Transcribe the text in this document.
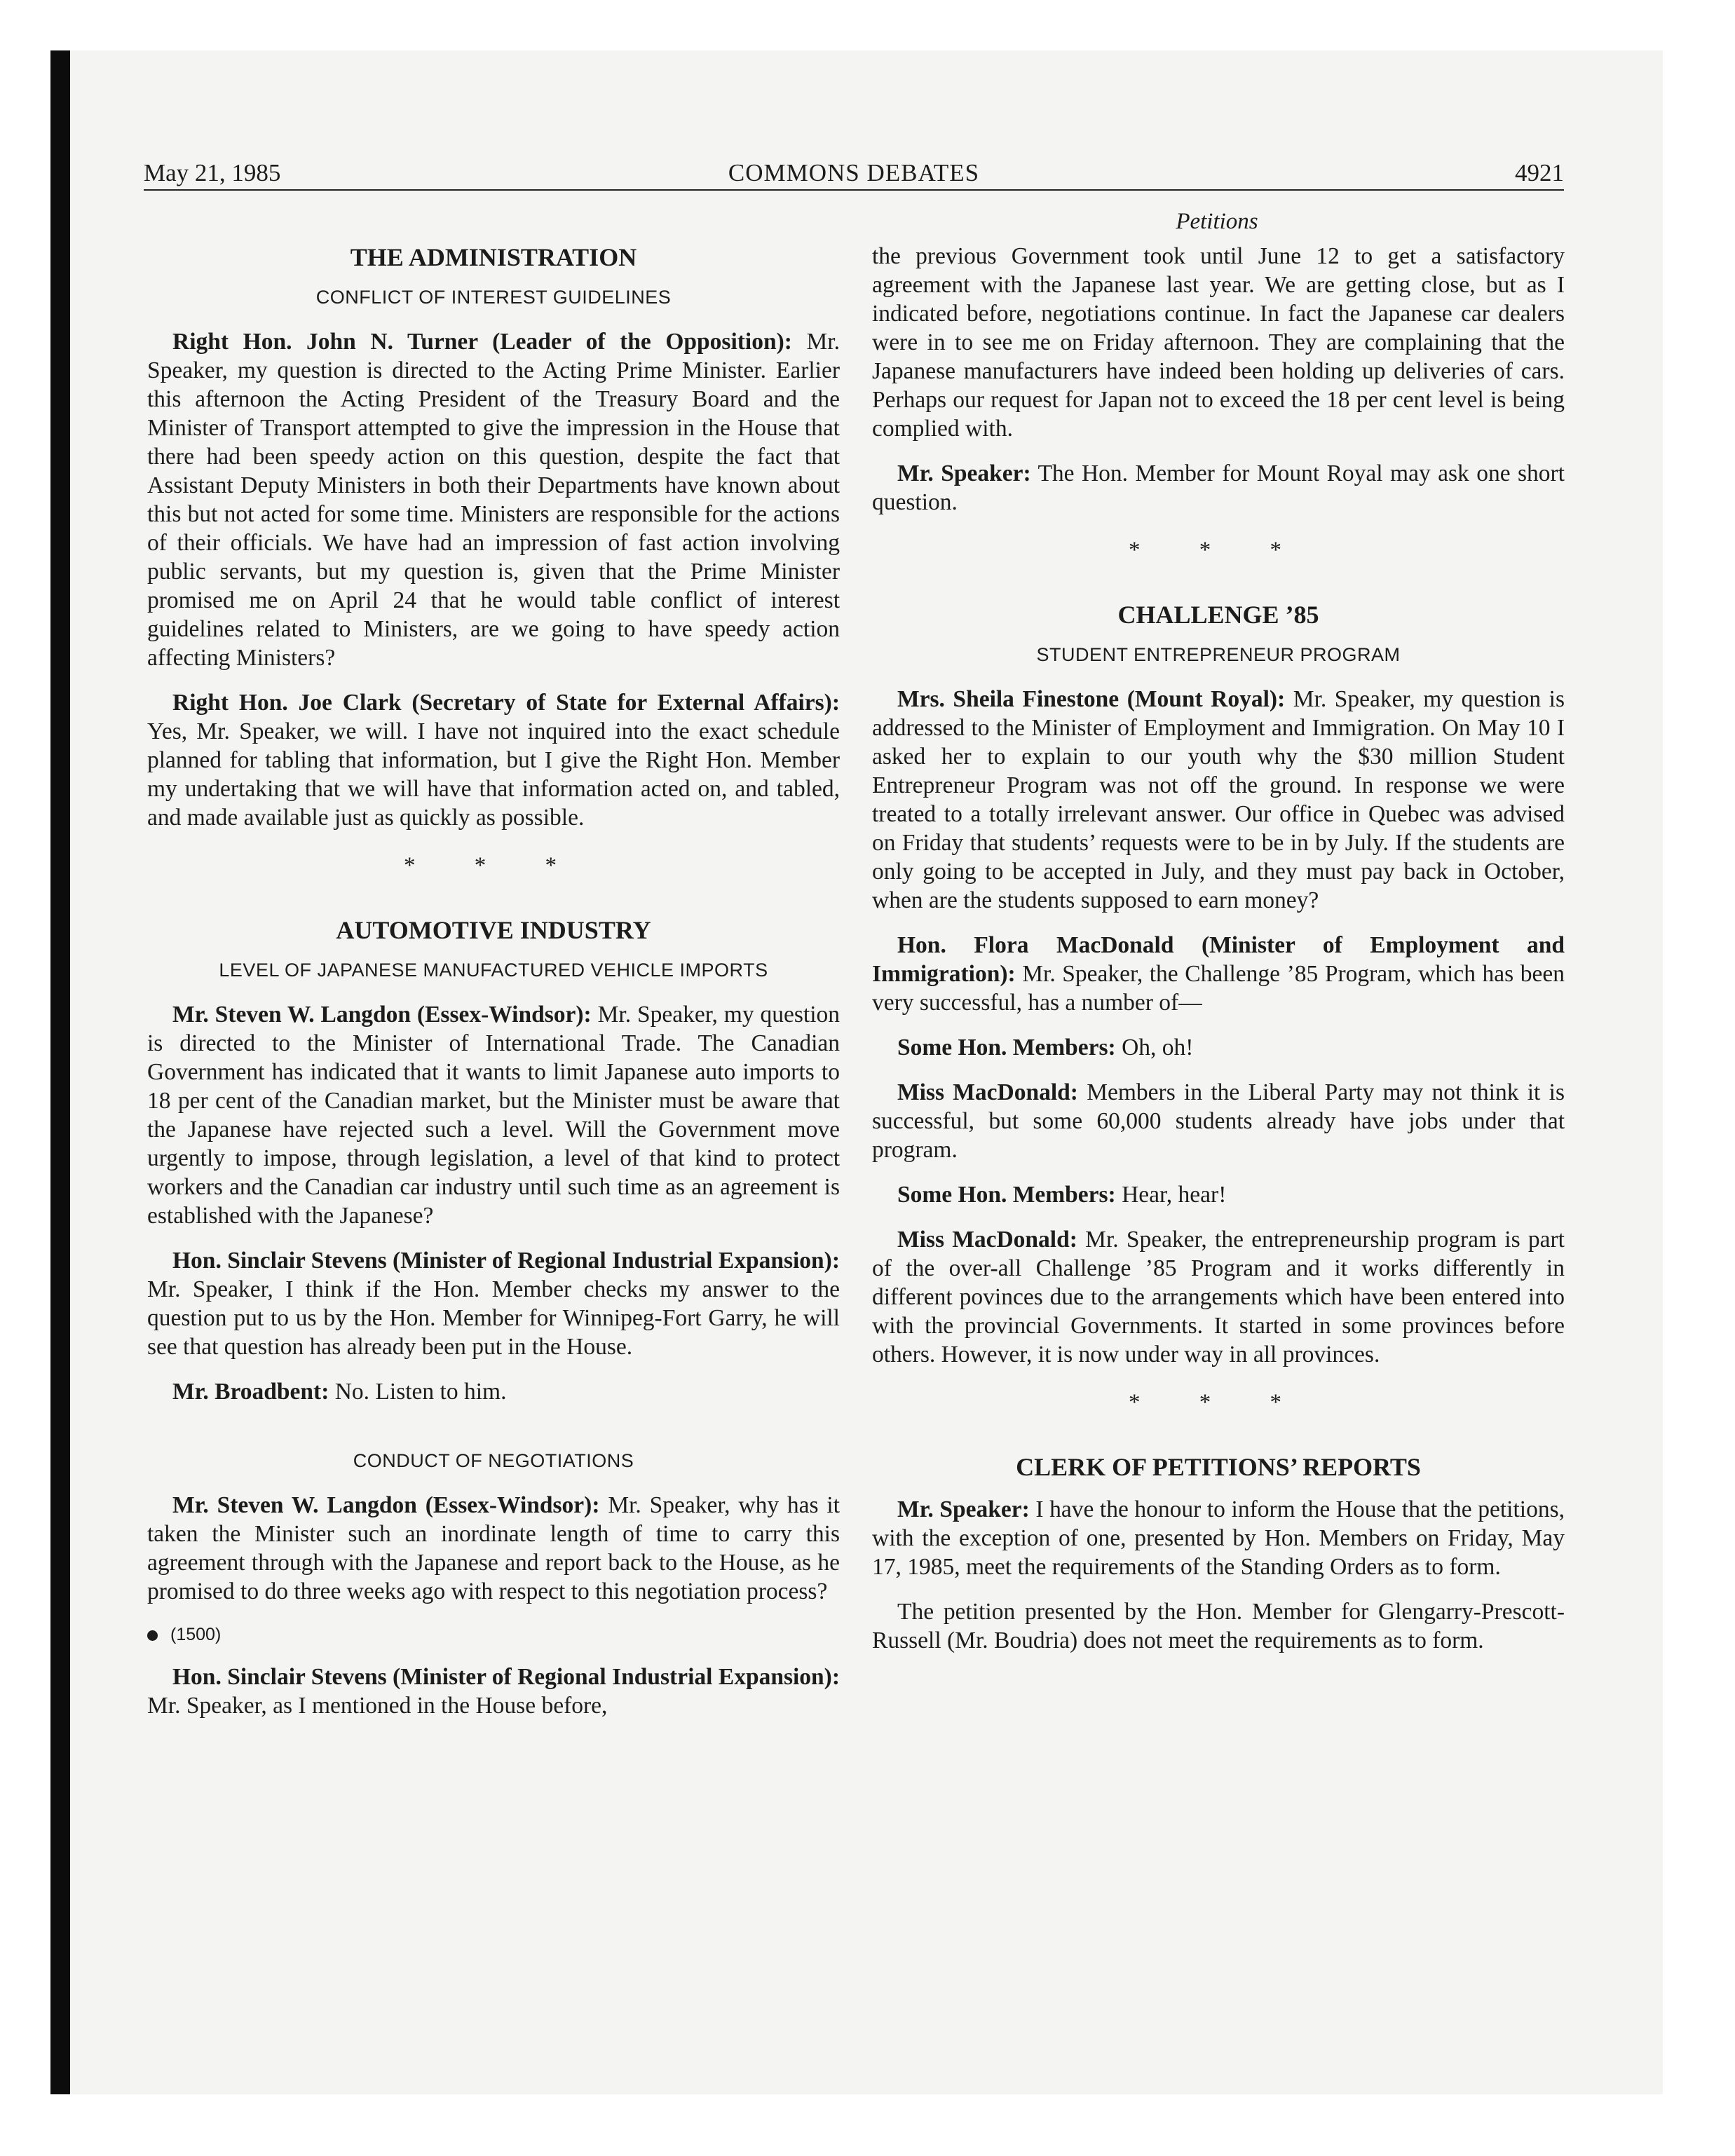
May 21, 1985	COMMONS DEBATES	4921
Petitions
THE ADMINISTRATION
CONFLICT OF INTEREST GUIDELINES

Right Hon. John N. Turner (Leader of the Opposition): Mr. Speaker, my question is directed to the Acting Prime Minister. Earlier this afternoon the Acting President of the Treasury Board and the Minister of Transport attempted to give the impression in the House that there had been speedy action on this question, despite the fact that Assistant Deputy Ministers in both their Departments have known about this but not acted for some time. Ministers are responsible for the actions of their officials. We have had an impression of fast action involving public servants, but my question is, given that the Prime Minister promised me on April 24 that he would table conflict of interest guidelines related to Ministers, are we going to have speedy action affecting Ministers?

Right Hon. Joe Clark (Secretary of State for External Affairs): Yes, Mr. Speaker, we will. I have not inquired into the exact schedule planned for tabling that information, but I give the Right Hon. Member my undertaking that we will have that information acted on, and tabled, and made available just as quickly as possible.

* * *
AUTOMOTIVE INDUSTRY
LEVEL OF JAPANESE MANUFACTURED VEHICLE IMPORTS

Mr. Steven W. Langdon (Essex-Windsor): Mr. Speaker, my question is directed to the Minister of International Trade. The Canadian Government has indicated that it wants to limit Japanese auto imports to 18 per cent of the Canadian market, but the Minister must be aware that the Japanese have rejected such a level. Will the Government move urgently to impose, through legislation, a level of that kind to protect workers and the Canadian car industry until such time as an agreement is established with the Japanese?

Hon. Sinclair Stevens (Minister of Regional Industrial Expansion): Mr. Speaker, I think if the Hon. Member checks my answer to the question put to us by the Hon. Member for Winnipeg-Fort Garry, he will see that question has already been put in the House.

Mr. Broadbent: No. Listen to him.

CONDUCT OF NEGOTIATIONS

Mr. Steven W. Langdon (Essex-Windsor): Mr. Speaker, why has it taken the Minister such an inordinate length of time to carry this agreement through with the Japanese and report back to the House, as he promised to do three weeks ago with respect to this negotiation process?

(1500)

Hon. Sinclair Stevens (Minister of Regional Industrial Expansion): Mr. Speaker, as I mentioned in the House before,

the previous Government took until June 12 to get a satisfactory agreement with the Japanese last year. We are getting close, but as I indicated before, negotiations continue. In fact the Japanese car dealers were in to see me on Friday afternoon. They are complaining that the Japanese manufacturers have indeed been holding up deliveries of cars. Perhaps our request for Japan not to exceed the 18 per cent level is being complied with.

Mr. Speaker: The Hon. Member for Mount Royal may ask one short question.

* * *
CHALLENGE ’85
STUDENT ENTREPRENEUR PROGRAM

Mrs. Sheila Finestone (Mount Royal): Mr. Speaker, my question is addressed to the Minister of Employment and Immigration. On May 10 I asked her to explain to our youth why the $30 million Student Entrepreneur Program was not off the ground. In response we were treated to a totally irrelevant answer. Our office in Quebec was advised on Friday that students’ requests were to be in by July. If the students are only going to be accepted in July, and they must pay back in October, when are the students supposed to earn money?

Hon. Flora MacDonald (Minister of Employment and Immigration): Mr. Speaker, the Challenge ’85 Program, which has been very successful, has a number of—

Some Hon. Members: Oh, oh!

Miss MacDonald: Members in the Liberal Party may not think it is successful, but some 60,000 students already have jobs under that program.

Some Hon. Members: Hear, hear!

Miss MacDonald: Mr. Speaker, the entrepreneurship program is part of the over-all Challenge ’85 Program and it works differently in different povinces due to the arrangements which have been entered into with the provincial Governments. It started in some provinces before others. However, it is now under way in all provinces.

* * *
CLERK OF PETITIONS’ REPORTS

Mr. Speaker: I have the honour to inform the House that the petitions, with the exception of one, presented by Hon. Members on Friday, May 17, 1985, meet the requirements of the Standing Orders as to form.

The petition presented by the Hon. Member for Glengarry-Prescott-Russell (Mr. Boudria) does not meet the requirements as to form.
